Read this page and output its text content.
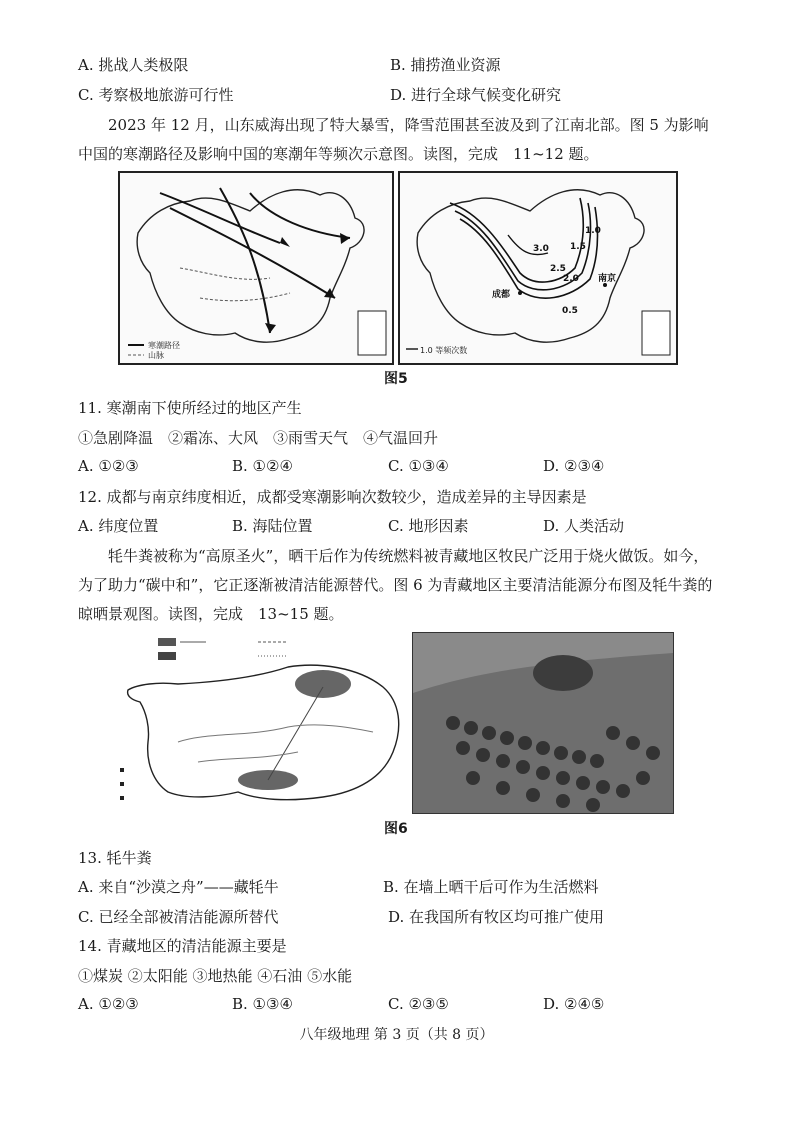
A. 挑战人类极限	B. 捕捞渔业资源
C. 考察极地旅游可行性	D. 进行全球气候变化研究
2023 年 12 月，山东威海出现了特大暴雪，降雪范围甚至波及到了江南北部。图 5 为影响中国的寒潮路径及影响中国的寒潮年等频次示意图。读图，完成　11~12 题。
寒潮路径
山脉
3.0
2.5
2.0
1.5
1.0
0.5
成都
南京
1.0 等频次数
图5
11. 寒潮南下使所经过的地区产生
①急剧降温　②霜冻、大风　③雨雪天气　④气温回升
A. ①②③	B. ①②④	C. ①③④	D. ②③④
12. 成都与南京纬度相近，成都受寒潮影响次数较少，造成差异的主导因素是
A. 纬度位置	B. 海陆位置	C. 地形因素	D. 人类活动
牦牛粪被称为“高原圣火”，晒干后作为传统燃料被青藏地区牧民广泛用于烧火做饭。如今，为了助力“碳中和”，它正逐渐被清洁能源替代。图 6 为青藏地区主要清洁能源分布图及牦牛粪的晾晒景观图。读图，完成　13~15 题。
图6
13. 牦牛粪
A. 来自“沙漠之舟”——藏牦牛	B. 在墙上晒干后可作为生活燃料
C. 已经全部被清洁能源所替代	D. 在我国所有牧区均可推广使用
14. 青藏地区的清洁能源主要是
①煤炭 ②太阳能 ③地热能 ④石油 ⑤水能
A. ①②③	B. ①③④	C. ②③⑤	D. ②④⑤
八年级地理 第 3 页（共 8 页）
